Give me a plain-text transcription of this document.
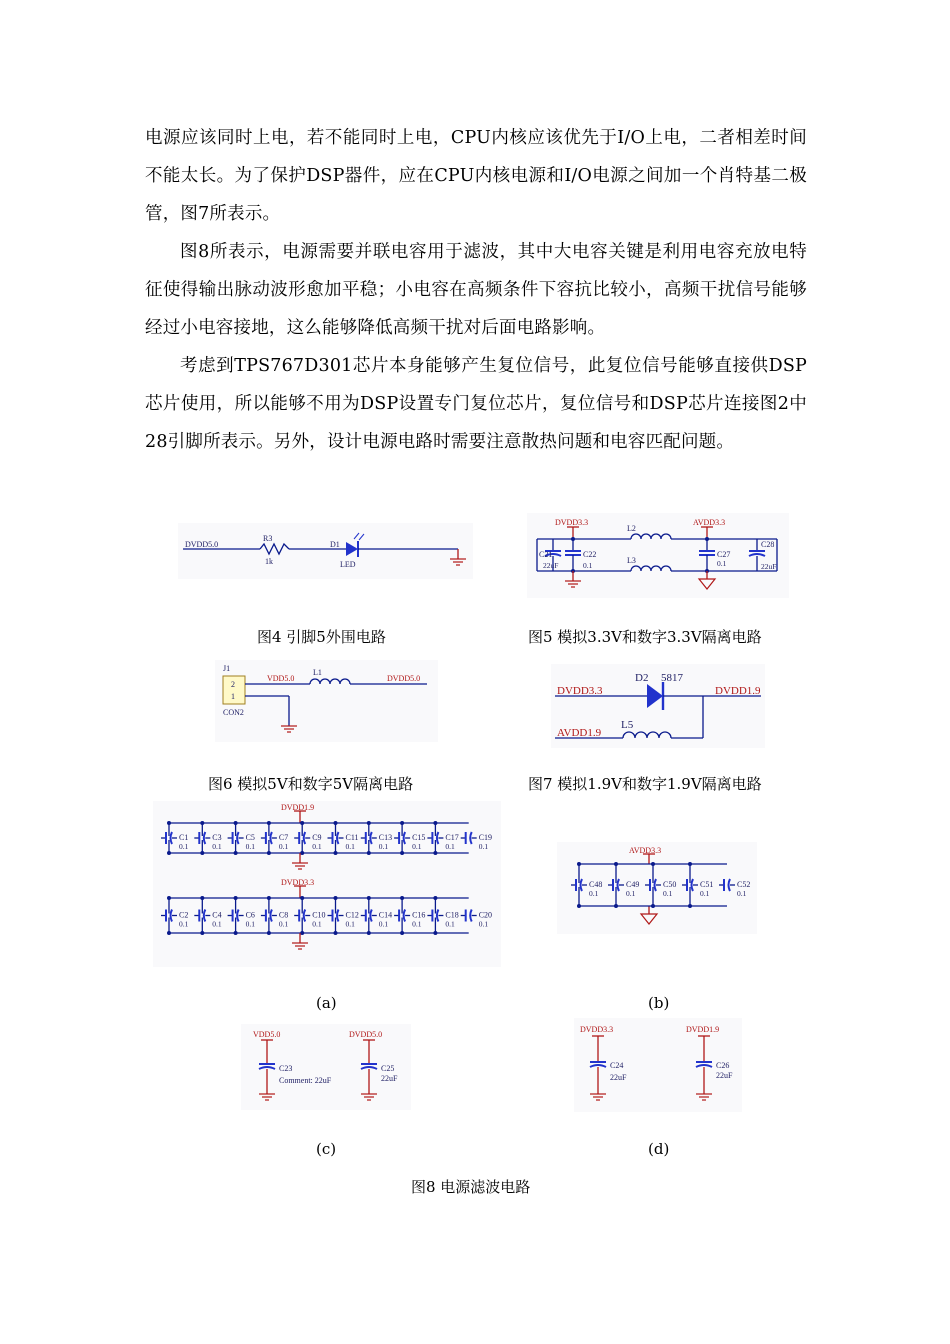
电源应该同时上电，若不能同时上电，CPU内核应该优先于I/O上电，二者相差时间不能太长。为了保护DSP器件，应在CPU内核电源和I/O电源之间加一个肖特基二极管，图7所表示。

图8所表示，电源需要并联电容用于滤波，其中大电容关键是利用电容充放电特征使得输出脉动波形愈加平稳；小电容在高频条件下容抗比较小，高频干扰信号能够经过小电容接地，这么能够降低高频干扰对后面电路影响。

考虑到TPS767D301芯片本身能够产生复位信号，此复位信号能够直接供DSP芯片使用，所以能够不用为DSP设置专门复位芯片，复位信号和DSP芯片连接图2中28引脚所表示。另外，设计电源电路时需要注意散热问题和电容匹配问题。

DVDD5.0
R3
1k
D1
LED
图4 引脚5外围电路
DVDD3.3	AVDD3.3
L2
L3
C21
22uF
C22
0.1
C27
0.1
C28
22uF
图5 模拟3.3V和数字3.3V隔离电路
J1
2
1
CON2
VDD5.0
L1
DVDD5.0
图6 模拟5V和数字5V隔离电路
D2 5817
DVDD3.3	DVDD1.9
L5
AVDD1.9
图7 模拟1.9V和数字1.9V隔离电路
DVDD1.9
DVDD3.3
C1
0.1
C3
0.1
C5
0.1
C7
0.1
C9
0.1
C11
0.1
C13
0.1
C15
0.1
C17
0.1
C19
0.1
C2
0.1
C4
0.1
C6
0.1
C8
0.1
C10
0.1
C12
0.1
C14
0.1
C16
0.1
C18
0.1
C20
0.1
(a)
AVDD3.3
C48
0.1
C49
0.1
C50
0.1
C51
0.1
C52
0.1
(b)
VDD5.0
C23
Comment: 22uF
DVDD5.0
C25
22uF
(c)
DVDD3.3
C24
22uF
DVDD1.9
C26
22uF
(d)
图8 电源滤波电路
